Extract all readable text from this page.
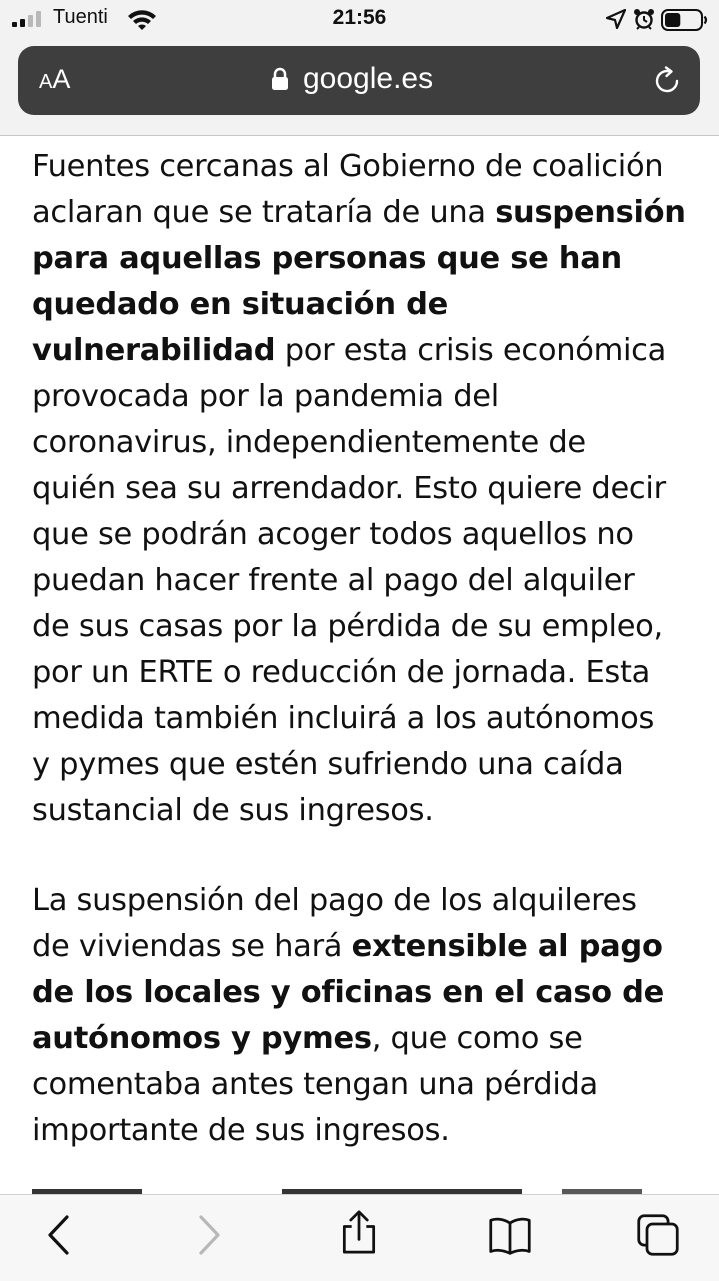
Tuenti	21:56
AA	google.es

Fuentes cercanas al Gobierno de coalición
aclaran que se trataría de una suspensión
para aquellas personas que se han
quedado en situación de
vulnerabilidad por esta crisis económica
provocada por la pandemia del
coronavirus, independientemente de
quién sea su arrendador. Esto quiere decir
que se podrán acoger todos aquellos no
puedan hacer frente al pago del alquiler
de sus casas por la pérdida de su empleo,
por un ERTE o reducción de jornada. Esta
medida también incluirá a los autónomos
y pymes que estén sufriendo una caída
sustancial de sus ingresos.

La suspensión del pago de los alquileres
de viviendas se hará extensible al pago
de los locales y oficinas en el caso de
autónomos y pymes, que como se
comentaba antes tengan una pérdida
importante de sus ingresos.
